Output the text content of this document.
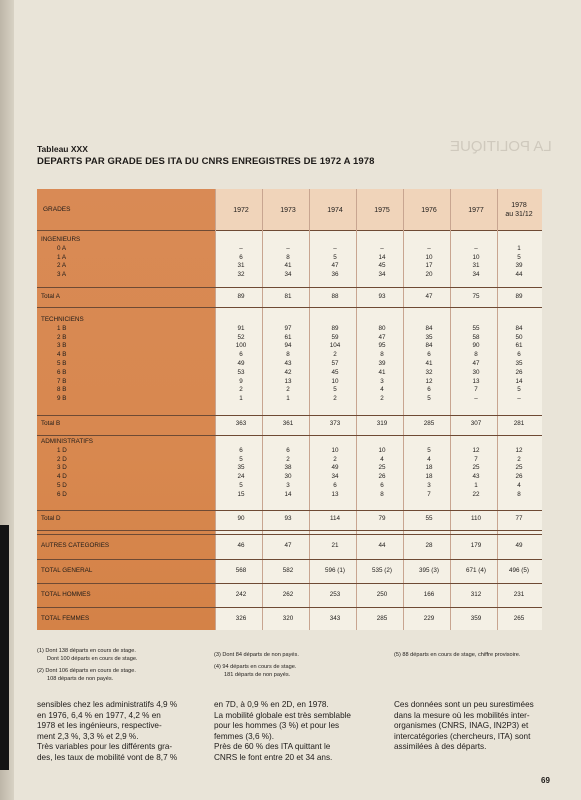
LA POLITIQUE
Tableau XXX
DEPARTS PAR GRADE DES ITA DU CNRS ENREGISTRES DE 1972 A 1978
GRADES	1972	1973	1974	1975	1976	1977
1978
au 31/12
INGENIEURS
0 A	–	–	–	–	–	–	1
1 A	6	8	5	14	10	10	5
2 A	31	41	47	45	17	31	39
3 A	32	34	36	34	20	34	44
Total A	89	81	88	93	47	75	89
TECHNICIENS
1 B	91	97	89	80	84	55	84
2 B	52	61	59	47	35	58	50
3 B	100	94	104	95	84	90	61
4 B	6	8	2	8	6	8	6
5 B	49	43	57	39	41	47	35
6 B	53	42	45	41	32	30	26
7 B	9	13	10	3	12	13	14
8 B	2	2	5	4	6	7	5
9 B	1	1	2	2	5	–	–
Total B	363	361	373	319	285	307	281
ADMINISTRATIFS
1 D	6	6	10	10	5	12	12
2 D	5	2	2	4	4	7	2
3 D	35	38	49	25	18	25	25
4 D	24	30	34	26	18	43	26
5 D	5	3	6	6	3	1	4
6 D	15	14	13	8	7	22	8
Total D	90	93	114	79	55	110	77
AUTRES CATEGORIES	46	47	21	44	28	179	49
TOTAL GENERAL	568	582	596 (1)	535 (2)	395 (3)	671 (4)	496 (5)
TOTAL HOMMES	242	262	253	250	166	312	231
TOTAL FEMMES	326	320	343	285	229	359	265
(1) Dont 138 départs en cours de stage.
Dont 100 départs en cours de stage.
(2) Dont 106 départs en cours de stage.
108 départs de non payés.
(3) Dont 84 départs de non payés.
(4) 94 départs en cours de stage.
181 départs de non payés.
(5) 88 départs en cours de stage, chiffre provisoire.
sensibles chez les administratifs 4,9 %
en 1976, 6,4 % en 1977, 4,2 % en
1978 et les ingénieurs, respective-
ment 2,3 %, 3,3 % et 2,9 %.
Très variables pour les différents gra-
des, les taux de mobilité vont de 8,7 %
en 7D, à 0,9 % en 2D, en 1978.
La mobilité globale est très semblable
pour les hommes (3 %) et pour les
femmes (3,6 %).
Près de 60 % des ITA quittant le
CNRS le font entre 20 et 34 ans.
Ces données sont un peu surestimées
dans la mesure où les mobilités inter-
organismes (CNRS, INAG, IN2P3) et
intercatégories (chercheurs, ITA) sont
assimilées à des départs.
69
